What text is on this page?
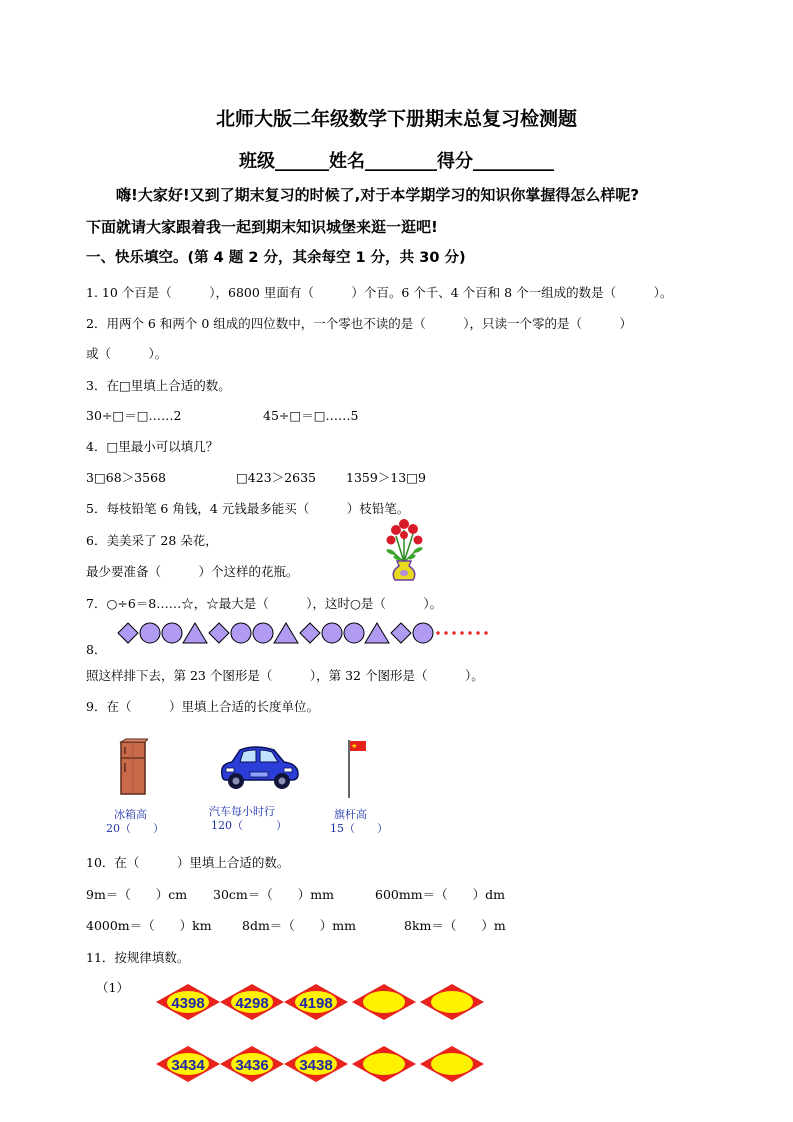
北师大版二年级数学下册期末总复习检测题
班级______姓名________得分_________
嗨!大家好!又到了期末复习的时候了,对于本学期学习的知识你掌握得怎么样呢?
下面就请大家跟着我一起到期末知识城堡来逛一逛吧!
一、快乐填空。(第 4 题 2 分，其余每空 1 分，共 30 分)
1. 10 个百是（　　　），6800 里面有（　　　）个百。6 个千、4 个百和 8 个一组成的数是（　　　）。
2．用两个 6 和两个 0 组成的四位数中，一个零也不读的是（　　　），只读一个零的是（　　　）
或（　　　）。
3．在□里填上合适的数。
30÷□＝□……2	45÷□＝□……5
4．□里最小可以填几？
3□68＞3568	□423＞2635 1359＞13□9
5．每枝铅笔 6 角钱，4 元钱最多能买（　　　）枝铅笔。
6．美美采了 28 朵花，
最少要准备（　　　）个这样的花瓶。
7．○÷6＝8……☆，☆最大是（　　　），这时○是（　　　）。
8．
照这样排下去，第 23 个图形是（　　　），第 32 个图形是（　　　）。
9．在（　　　）里填上合适的长度单位。
冰箱高
20（　　）
汽车每小时行
120（　　　）
旗杆高
15（　　）
10．在（　　　）里填上合适的数。
9m＝（　　）cm 30cm＝（　　）mm	600mm＝（　　）dm
4000m＝（　　）km 8dm＝（　　）mm	8km＝（　　）m
11．按规律填数。
（1）
4398 4298 4198
3434 3436 3438
